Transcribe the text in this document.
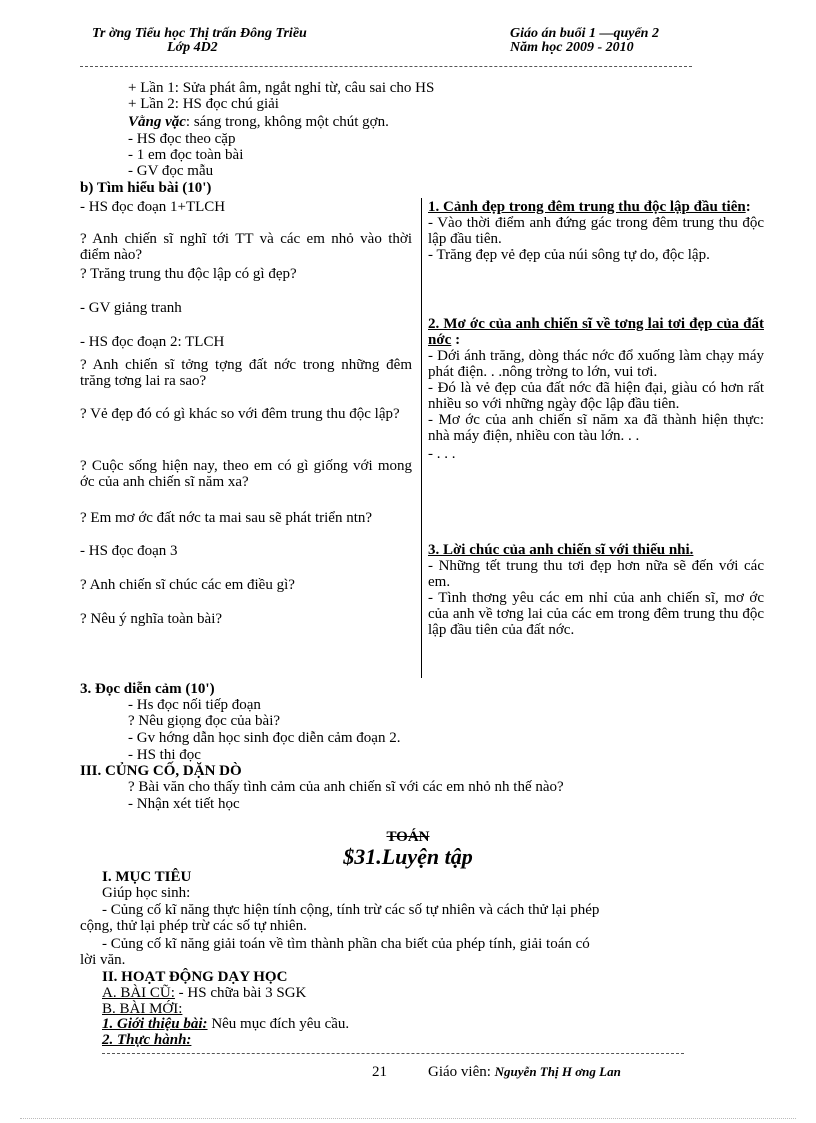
Tr ờng Tiểu học Thị trấn Đông Triều
Lớp 4D2
Giáo án buổi 1 —quyển 2
Năm học 2009 - 2010
+ Lần 1: Sửa phát âm, ngắt nghỉ từ, câu sai cho HS
+ Lần 2: HS đọc chú giải
Vằng vặc: sáng trong, không một chút gợn.
- HS đọc theo cặp
- 1 em đọc toàn bài
- GV đọc mẫu
b) Tìm hiểu bài (10')

- HS đọc đoạn 1+TLCH

? Anh chiến sĩ nghĩ tới TT và các em nhỏ vào thời điểm nào?

? Trăng trung thu độc lập có gì đẹp?

- GV giảng tranh

- HS đọc đoạn 2: TLCH

? Anh chiến sĩ tởng tợng đất nớc trong những đêm trăng tơng lai ra sao?

? Vẻ đẹp đó có gì khác so với đêm trung thu độc lập?

? Cuộc sống hiện nay, theo em có gì giống với mong ớc của anh chiến sĩ năm xa?

? Em mơ ớc đất nớc ta mai sau sẽ phát triển ntn?

- HS đọc đoạn 3

? Anh chiến sĩ chúc các em điều gì?

? Nêu ý nghĩa toàn bài?

1. Cảnh đẹp trong đêm trung thu độc lập đầu tiên:

- Vào thời điểm anh đứng gác trong đêm trung thu độc lập đầu tiên.

- Trăng đẹp vẻ đẹp của núi sông tự do, độc lập.

2. Mơ ớc của anh chiến sĩ về tơng lai tơi đẹp của đất nớc :

- Dới ánh trăng, dòng thác nớc đổ xuống làm chạy máy phát điện. . .nông trờng to lớn, vui tơi.

- Đó là vẻ đẹp của đất nớc đã hiện đại, giàu có hơn rất nhiều so với những ngày độc lập đầu tiên.

- Mơ ớc của anh chiến sĩ năm xa đã thành hiện thực: nhà máy điện, nhiều con tàu lớn. . .

- . . .

3. Lời chúc của anh chiến sĩ với thiếu nhi.

- Những tết trung thu tơi đẹp hơn nữa sẽ đến với các em.

- Tình thơng yêu các em nhỉ của anh chiến sĩ, mơ ớc của anh về tơng lai của các em trong đêm trung thu độc lập đầu tiên của đất nớc.

3. Đọc diễn cảm (10')
- Hs đọc nối tiếp đoạn
? Nêu giọng đọc của bài?
- Gv hớng dẫn học sinh đọc diễn cảm đoạn 2.
- HS thi đọc
III. CỦNG CỐ, DẶN DÒ
? Bài văn cho thấy tình cảm của anh chiến sĩ với các em nhỏ nh thế nào?
- Nhận xét tiết học
TOÁN
$31.Luyện tập
I. MỤC TIÊU
Giúp học sinh:
- Củng cố kĩ năng thực hiện tính cộng, tính trừ các số tự nhiên và cách thử lại phép
cộng, thử lại phép trừ các số tự nhiên.
- Củng cố kĩ năng giải toán về tìm thành phần cha biết của phép tính, giải toán có
lời văn.
II. HOẠT ĐỘNG DẠY HỌC
A. BÀI CŨ: - HS chữa bài 3 SGK
B. BÀI MỚI:
1. Giới thiệu bài: Nêu mục đích yêu cầu.
2. Thực hành:
21	Giáo viên: Nguyễn Thị H ơng Lan
